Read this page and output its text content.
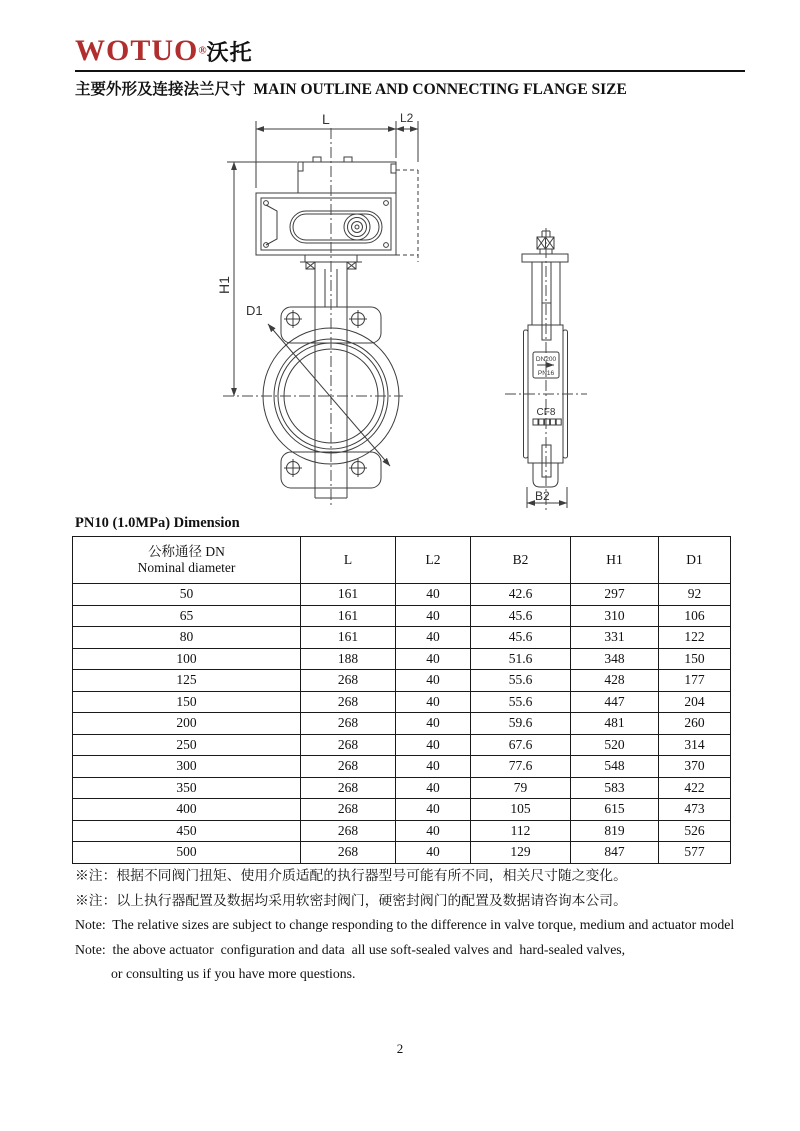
WOTUO®沃托
主要外形及连接法兰尺寸 MAIN OUTLINE AND CONNECTING FLANGE SIZE
L	L2
H1
D1
B2
DN200
PN16
CF8
PN10 (1.0MPa) Dimension
公称通径 DN
Nominal diameter	L	L2	B2	H1	D1
50	161	40	42.6	297	92
65	161	40	45.6	310	106
80	161	40	45.6	331	122
100	188	40	51.6	348	150
125	268	40	55.6	428	177
150	268	40	55.6	447	204
200	268	40	59.6	481	260
250	268	40	67.6	520	314
300	268	40	77.6	548	370
350	268	40	79	583	422
400	268	40	105	615	473
450	268	40	112	819	526
500	268	40	129	847	577

※注：根据不同阀门扭矩、使用介质适配的执行器型号可能有所不同，相关尺寸随之变化。

※注：以上执行器配置及数据均采用软密封阀门，硬密封阀门的配置及数据请咨询本公司。

Note:  The relative sizes are subject to change responding to the difference in valve torque, medium and actuator model

Note:  the above actuator  configuration and data  all use soft-sealed valves and  hard-sealed valves,

or consulting us if you have more questions.

2
